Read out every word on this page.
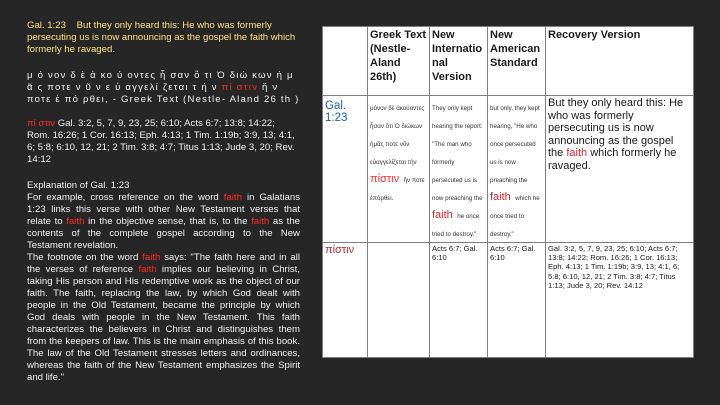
Gal. 1:23 But they only heard this: He who was formerly persecuting us is now announcing as the gospel the faith which formerly he ravaged.

μ ό νον δ ὲ ἀ κο ύ οντες ἦ σαν ὅ τι Ὁ διώ κων ἡ μ ᾶ ς ποτε ν ῦ ν ε ὐ αγγελί ζεται τ ή ν πί στιν ἥ ν ποτε ἐ πό ρθει, - Greek Text (Nestle- Aland 26 th )

πί στιν Gal. 3:2, 5, 7, 9, 23, 25; 6:10; Acts 6:7; 13:8; 14:22; Rom. 16:26; 1 Cor. 16:13; Eph. 4:13; 1 Tim. 1:19b; 3:9, 13; 4:1, 6; 5:8; 6:10, 12, 21; 2 Tim. 3:8; 4:7; Titus 1:13; Jude 3, 20; Rev. 14:12

Explanation of Gal. 1:23

For example, cross reference on the word faith in Galatians 1:23 links this verse with other New Testament verses that relate to faith in the objective sense, that is, to the faith as the contents of the complete gospel according to the New Testament revelation.

The footnote on the word faith says: "The faith here and in all the verses of reference faith implies our believing in Christ, taking His person and His redemptive work as the object of our faith. The faith, replacing the law, by which God dealt with people in the Old Testament, became the principle by which God deals with people in the New Testament. This faith characterizes the believers in Christ and distinguishes them from the keepers of law. This is the main emphasis of this book. The law of the Old Testament stresses letters and ordinances, whereas the faith of the New Testament emphasizes the Spirit and life."

	Greek Text (Nestle-Aland 26th)	New Internatio nal Version	New American Standard	Recovery Version
Gal. 1:23	μόνον δὲ ἀκούοντες ἦσαν ὅτι Ὁ διώκων ἡμᾶς ποτε νῦν εὐαγγελίζεται τὴν πίστιν ἥν ποτε ἐπόρθει.	They only kept hearing the report: "The man who formerly persecuted us is now preaching the faith he once tried to destroy."	but only, they kept hearing, "He who once persecuted us is now preaching the faith which he once tried to destroy."	But they only heard this: He who was formerly persecuting us is now announcing as the gospel the faith which formerly he ravaged.
πίστιν		Acts 6:7; Gal. 6:10	Acts 6:7; Gal. 6:10	Gal. 3:2, 5, 7, 9, 23, 25; 6:10; Acts 6:7; 13:8; 14:22; Rom. 16:26; 1 Cor. 16:13; Eph. 4:13; 1 Tim. 1:19b; 3:9, 13; 4:1, 6; 5:8; 6:10, 12, 21; 2 Tim. 3:8; 4:7; Titus 1:13; Jude 3, 20; Rev. 14:12
